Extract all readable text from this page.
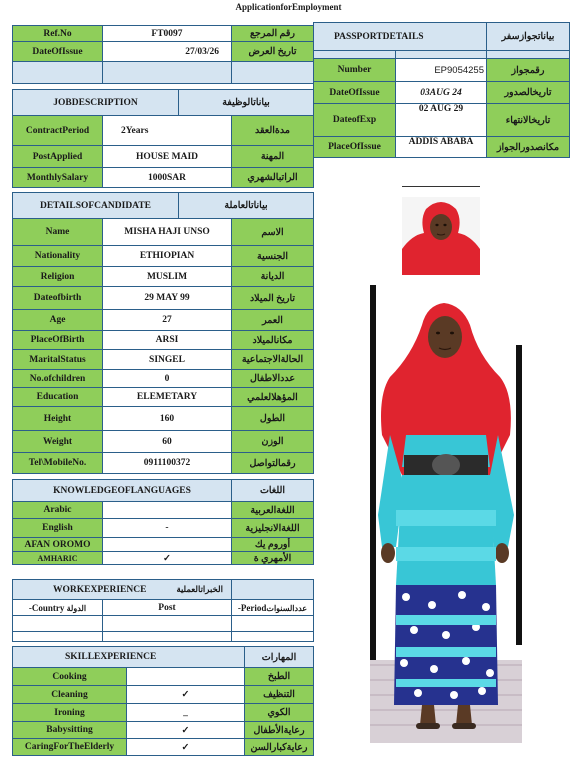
ApplicationforEmployment
Ref.No	FT0097	رقم المرجع
DateOfIssue	27/03/26	تاريخ العرض

JOBDESCRIPTION		بياناتالوظيفة	
ContractPeriod	2Years		مدةالعقد
PostApplied	HOUSE MAID		المهنة
MonthlySalary	1000SAR		الراتبالشهري
DETAILSOFCANDIDATE		بياناتالعاملة	
Name	MISHA HAJI UNSO		الاسم
Nationality	ETHIOPIAN		الجنسية
Religion	MUSLIM		الديانة
Dateofbirth	29 MAY 99		تاريخ الميلاد
Age	27		العمر
PlaceOfBirth	ARSI		مكانالميلاد
MaritalStatus	SINGEL		الحالةالاجتماعية
No.ofchildren	0		عددالاطفال
Education	ELEMETARY		المؤهلالعلمي
Height	160		الطول
Weight	60		الوزن
Tel\MobileNo.	0911100372		رقمالتواصل
KNOWLEDGEOFLANGUAGES		اللغات
Arabic		اللغةالعربية
English	-	اللغةالانجليزية
AFAN OROMO		أوروم يك
AMHARIC	✓	الأمهري ة
WORKEXPERIENCE الخبراتالعملية		
-Country الدولة	Post	-Periodعددالسنوات

SKILLEXPERIENCE		المهارات
Cooking		الطبخ
Cleaning	✓	التنظيف
Ironing	_	الكوي
Babysitting	✓	رعايةالأطفال
CaringForTheElderly	✓	رعايةكبارالسن
PASSPORTDETAILS		بياناتجوازسفر

Number	EP9054255	رقمجواز
DateOfIssue	03AUG 24	تاريخالصدور
DateofExp	02 AUG 29	تاريخالانتهاء
PlaceOfIssue	ADDIS ABABA	مكانصدورالجواز
